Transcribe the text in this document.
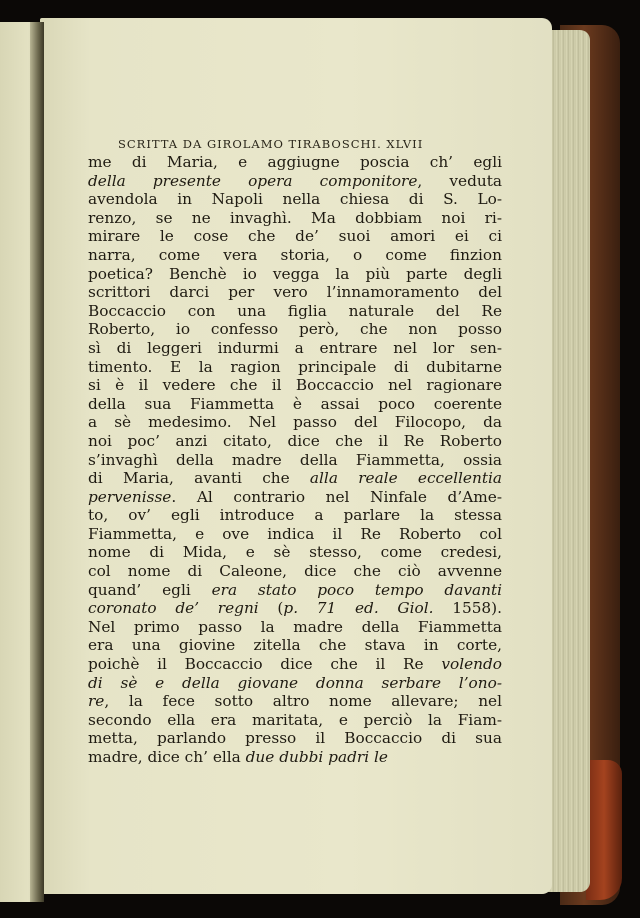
SCRITTA DA GIROLAMO TIRABOSCHI. XLVII
me di Maria, e aggiugne poscia ch’ egli
della presente opera componitore, veduta
avendola in Napoli nella chiesa di S. Lo-
renzo, se ne invaghì. Ma dobbiam noi ri-
mirare le cose che de’ suoi amori ei ci
narra, come vera storia, o come finzion
poetica? Benchè io vegga la più parte degli
scrittori darci per vero l’innamoramento del
Boccaccio con una figlia naturale del Re
Roberto, io confesso però, che non posso
sì di leggeri indurmi a entrare nel lor sen-
timento. E la ragion principale di dubitarne
si è il vedere che il Boccaccio nel ragionare
della sua Fiammetta è assai poco coerente
a sè medesimo. Nel passo del Filocopo, da
noi poc’ anzi citato, dice che il Re Roberto
s’invaghì della madre della Fiammetta, ossia
di Maria, avanti che alla reale eccellentia
pervenisse. Al contrario nel Ninfale d’Ame-
to, ov’ egli introduce a parlare la stessa
Fiammetta, e ove indica il Re Roberto col
nome di Mida, e sè stesso, come credesi,
col nome di Caleone, dice che ciò avvenne
quand’ egli era stato poco tempo davanti
coronato de’ regni (p. 71 ed. Giol. 1558).
Nel primo passo la madre della Fiammetta
era una giovine zitella che stava in corte,
poichè il Boccaccio dice che il Re volendo
di sè e della giovane donna serbare l’ono-
re, la fece sotto altro nome allevare; nel
secondo ella era maritata, e perciò la Fiam-
metta, parlando presso il Boccaccio di sua
madre, dice ch’ ella due dubbi padri le
